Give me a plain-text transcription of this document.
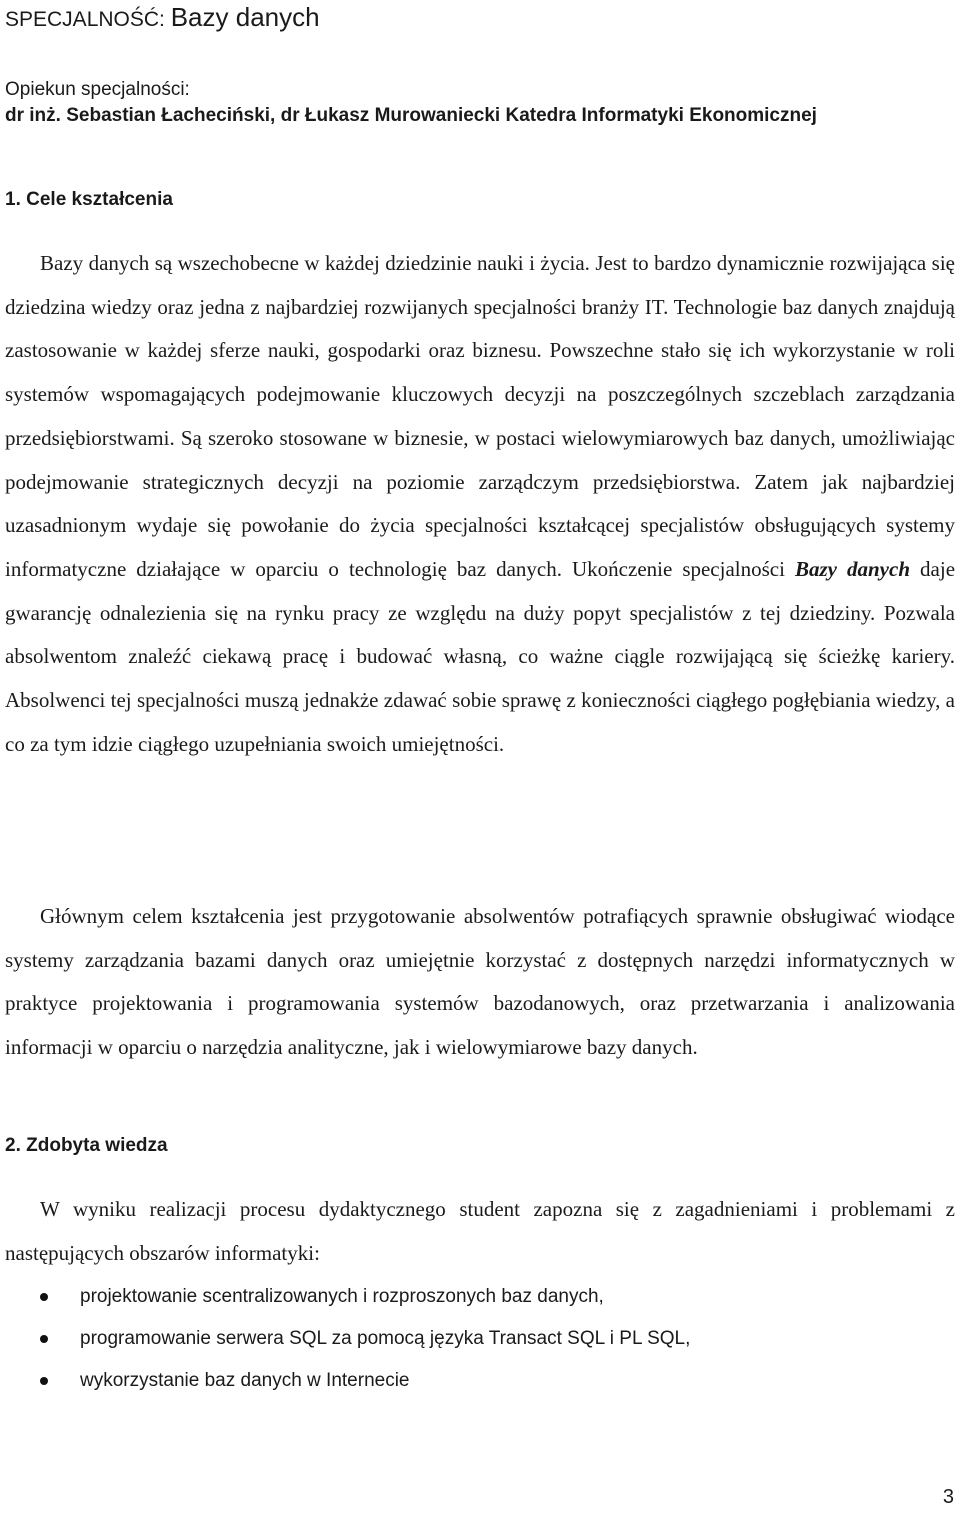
SPECJALNOŚĆ: Bazy danych
Opiekun specjalności:
dr inż. Sebastian Łacheciński, dr Łukasz Murowaniecki Katedra Informatyki Ekonomicznej
1. Cele kształcenia
Bazy danych są wszechobecne w każdej dziedzinie nauki i życia. Jest to bardzo dynamicznie rozwijająca się dziedzina wiedzy oraz jedna z najbardziej rozwijanych specjalności branży IT. Technologie baz danych znajdują zastosowanie w każdej sferze nauki, gospodarki oraz biznesu. Powszechne stało się ich wykorzystanie w roli systemów wspomagających podejmowanie kluczowych decyzji na poszczególnych szczeblach zarządzania przedsiębiorstwami. Są szeroko stosowane w biznesie, w postaci wielowymiarowych baz danych, umożliwiając podejmowanie strategicznych decyzji na poziomie zarządczym przedsiębiorstwa. Zatem jak najbardziej uzasadnionym wydaje się powołanie do życia specjalności kształcącej specjalistów obsługujących systemy informatyczne działające w oparciu o technologię baz danych. Ukończenie specjalności Bazy danych daje gwarancję odnalezienia się na rynku pracy ze względu na duży popyt specjalistów z tej dziedziny. Pozwala absolwentom znaleźć ciekawą pracę i budować własną, co ważne ciągle rozwijającą się ścieżkę kariery. Absolwenci tej specjalności muszą jednakże zdawać sobie sprawę z konieczności ciągłego pogłębiania wiedzy, a co za tym idzie ciągłego uzupełniania swoich umiejętności.
Głównym celem kształcenia jest przygotowanie absolwentów potrafiących sprawnie obsługiwać wiodące systemy zarządzania bazami danych oraz umiejętnie korzystać z dostępnych narzędzi informatycznych w praktyce projektowania i programowania systemów bazodanowych, oraz przetwarzania i analizowania informacji w oparciu o narzędzia analityczne, jak i wielowymiarowe bazy danych.
2. Zdobyta wiedza
W wyniku realizacji procesu dydaktycznego student zapozna się z zagadnieniami i problemami z następujących obszarów informatyki:
projektowanie scentralizowanych i rozproszonych baz danych,
programowanie serwera SQL za pomocą języka Transact SQL i PL SQL,
wykorzystanie baz danych w Internecie
3
